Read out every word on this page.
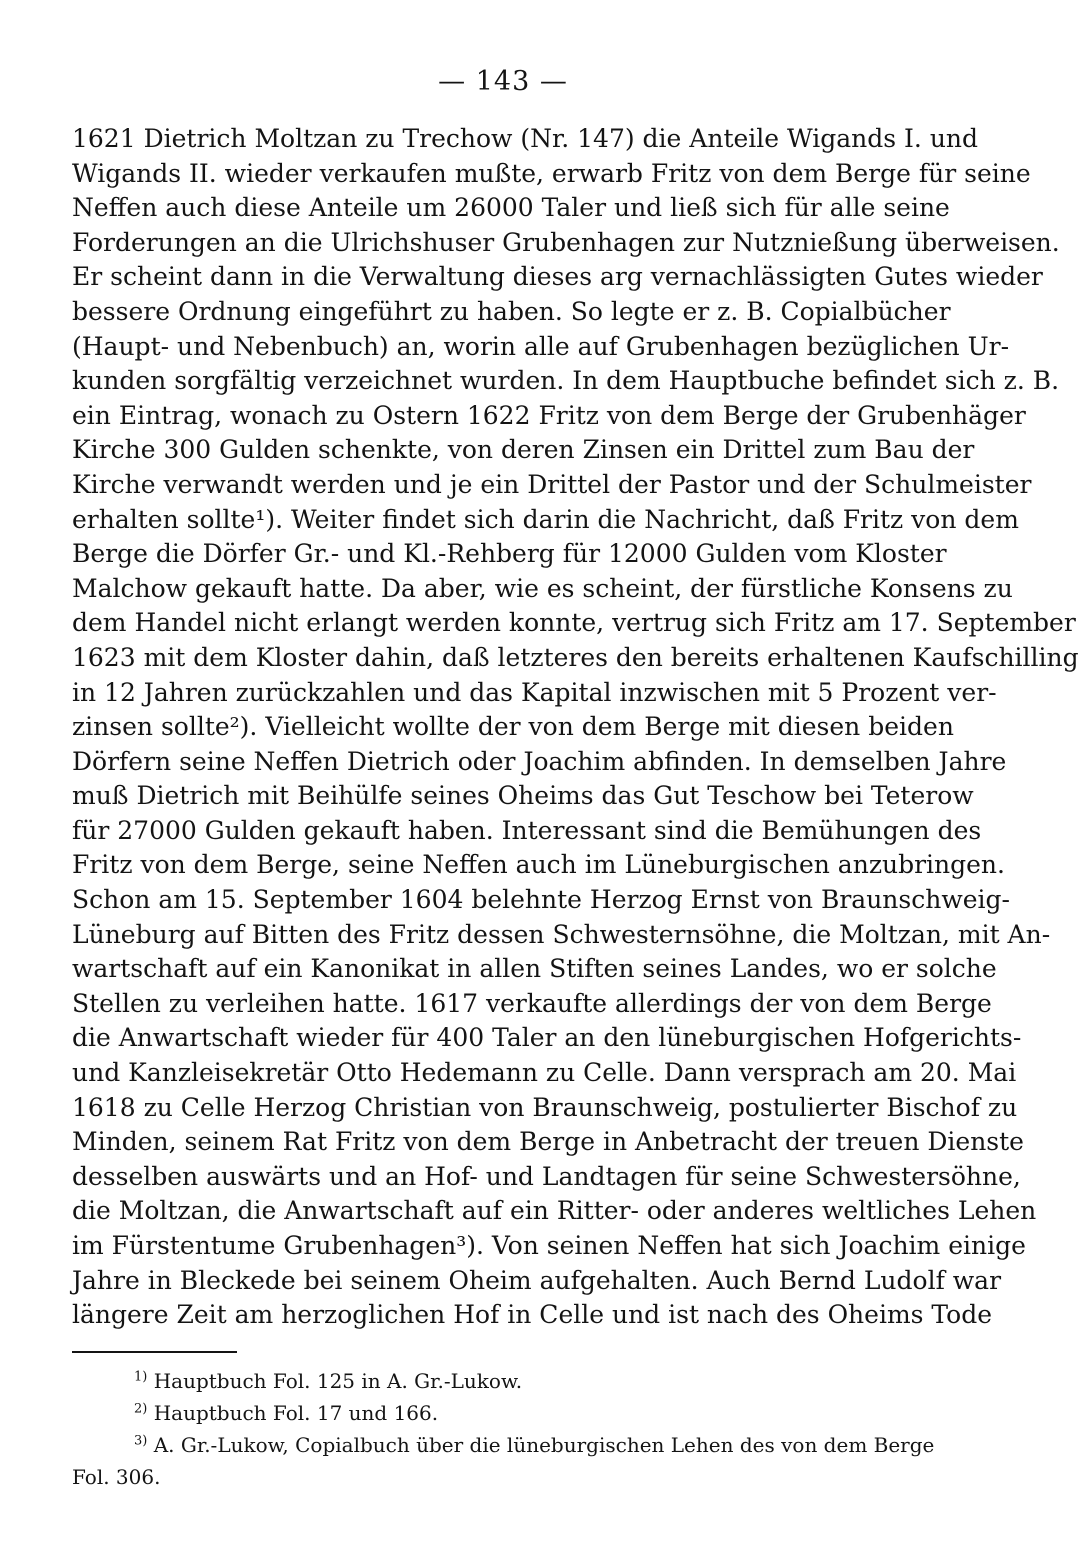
— 143 —
1621 Dietrich Moltzan zu Trechow (Nr. 147) die Anteile Wigands I. und
Wigands II. wieder verkaufen mußte, erwarb Fritz von dem Berge für seine
Neffen auch diese Anteile um 26000 Taler und ließ sich für alle seine
Forderungen an die Ulrichshuser Grubenhagen zur Nutznießung überweisen.
Er scheint dann in die Verwaltung dieses arg vernachlässigten Gutes wieder
bessere Ordnung eingeführt zu haben. So legte er z. B. Copialbücher
(Haupt- und Nebenbuch) an, worin alle auf Grubenhagen bezüglichen Ur-
kunden sorgfältig verzeichnet wurden. In dem Hauptbuche befindet sich z. B.
ein Eintrag, wonach zu Ostern 1622 Fritz von dem Berge der Grubenhäger
Kirche 300 Gulden schenkte, von deren Zinsen ein Drittel zum Bau der
Kirche verwandt werden und je ein Drittel der Pastor und der Schulmeister
erhalten sollte¹). Weiter findet sich darin die Nachricht, daß Fritz von dem
Berge die Dörfer Gr.- und Kl.-Rehberg für 12000 Gulden vom Kloster
Malchow gekauft hatte. Da aber, wie es scheint, der fürstliche Konsens zu
dem Handel nicht erlangt werden konnte, vertrug sich Fritz am 17. September
1623 mit dem Kloster dahin, daß letzteres den bereits erhaltenen Kaufschilling
in 12 Jahren zurückzahlen und das Kapital inzwischen mit 5 Prozent ver-
zinsen sollte²). Vielleicht wollte der von dem Berge mit diesen beiden
Dörfern seine Neffen Dietrich oder Joachim abfinden. In demselben Jahre
muß Dietrich mit Beihülfe seines Oheims das Gut Teschow bei Teterow
für 27000 Gulden gekauft haben. Interessant sind die Bemühungen des
Fritz von dem Berge, seine Neffen auch im Lüneburgischen anzubringen.
Schon am 15. September 1604 belehnte Herzog Ernst von Braunschweig-
Lüneburg auf Bitten des Fritz dessen Schwesternsöhne, die Moltzan, mit An-
wartschaft auf ein Kanonikat in allen Stiften seines Landes, wo er solche
Stellen zu verleihen hatte. 1617 verkaufte allerdings der von dem Berge
die Anwartschaft wieder für 400 Taler an den lüneburgischen Hofgerichts-
und Kanzleisekretär Otto Hedemann zu Celle. Dann versprach am 20. Mai
1618 zu Celle Herzog Christian von Braunschweig, postulierter Bischof zu
Minden, seinem Rat Fritz von dem Berge in Anbetracht der treuen Dienste
desselben auswärts und an Hof- und Landtagen für seine Schwestersöhne,
die Moltzan, die Anwartschaft auf ein Ritter- oder anderes weltliches Lehen
im Fürstentume Grubenhagen³). Von seinen Neffen hat sich Joachim einige
Jahre in Bleckede bei seinem Oheim aufgehalten. Auch Bernd Ludolf war
längere Zeit am herzoglichen Hof in Celle und ist nach des Oheims Tode
$^{1)}$ Hauptbuch Fol. 125 in A. Gr.-Lukow.
$^{2)}$ Hauptbuch Fol. 17 und 166.
$^{3)}$ A. Gr.-Lukow, Copialbuch über die lüneburgischen Lehen des von dem Berge
Fol. 306.
